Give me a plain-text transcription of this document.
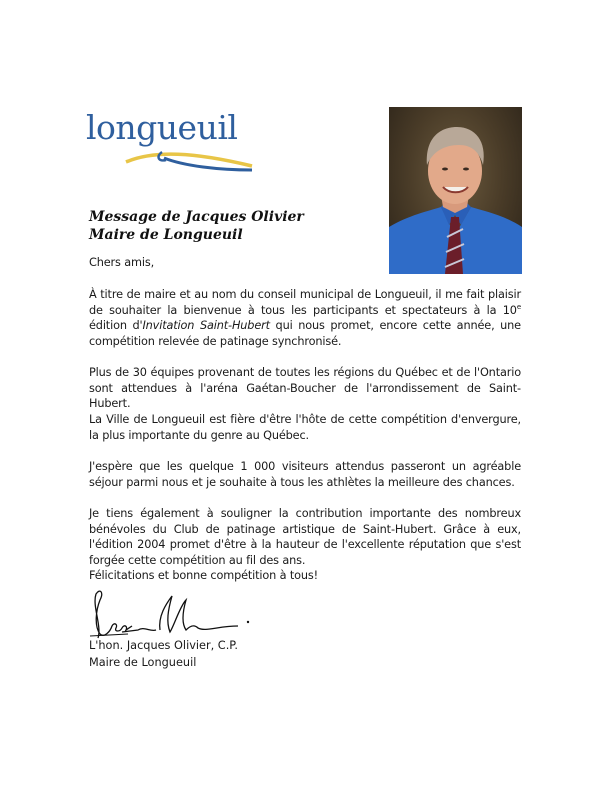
longueuil
Message de Jacques Olivier
Maire de Longueuil

Chers amis,

À titre de maire et au nom du conseil municipal de Longueuil, il me fait plaisir de souhaiter la bienvenue à tous les participants et spectateurs à la 10e édition d'Invitation Saint-Hubert qui nous promet, encore cette année, une compétition relevée de patinage synchronisé.

Plus de 30 équipes provenant de toutes les régions du Québec et de l'Ontario sont attendues à l'aréna Gaétan-Boucher de l'arrondissement de Saint-Hubert.

La Ville de Longueuil est fière d'être l'hôte de cette compétition d'envergure, la plus importante du genre au Québec.

J'espère que les quelque 1 000 visiteurs attendus passeront un agréable séjour parmi nous et je souhaite à tous les athlètes la meilleure des chances.

Je tiens également à souligner la contribution importante des nombreux bénévoles du Club de patinage artistique de Saint-Hubert. Grâce à eux, l'édition 2004 promet d'être à la hauteur de l'excellente réputation que s'est forgée cette compétition au fil des ans.

Félicitations et bonne compétition à tous!

L'hon. Jacques Olivier, C.P.
Maire de Longueuil
